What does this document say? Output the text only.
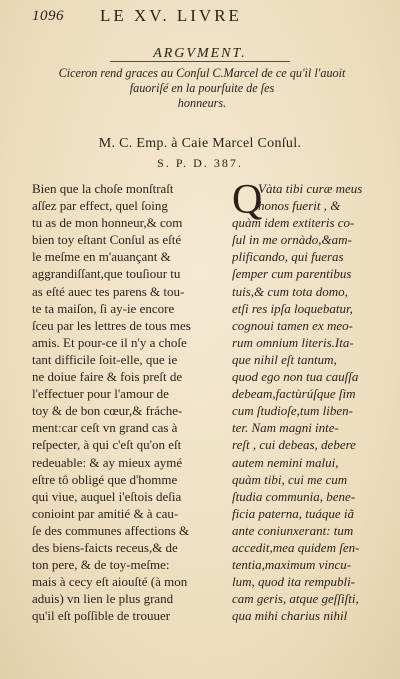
1096 LE XV. LIVRE
ARGVMENT.
Ciceron rend graces au Conſul C.Marcel de ce qu'il l'auoit
fauoriſé en la pourſuite de ſes
honneurs.
M. C. Emp. à Caie Marcel Conſul.
S. P. D. 387.
Bien que la choſe monſtraſt
aſſez par effect, quel ſoing
tu as de mon honneur,& com
bien toy eſtant Conſul as eſté
le meſme en m'auançant &
aggrandiſſant,que touſiour tu
as eſté auec tes parens & tou-
te ta maiſon, ſi ay-ie encore
ſceu par les lettres de tous mes
amis. Et pour-ce il n'y a choſe
tant difficile ſoit-elle, que ie
ne doiue faire & fois preſt de
l'effectuer pour l'amour de
toy & de bon cœur,& fráche-
ment:car ceſt vn grand cas à
reſpecter, à qui c'eſt qu'on eſt
redeuable: & ay mieux aymé
eſtre tô obligé que d'homme
qui viue, auquel i'eſtois deſia
conioint par amitié & à cau-
ſe des communes affections &
des biens-faicts receus,& de
ton pere, & de toy-meſme:
mais à cecy eſt aiouſté (à mon
aduis) vn lien le plus grand
qu'il eſt poſſible de trouuer
Q
Vàta tibi curæ meus
honos fuerit , &
quàm idem extiteris co-
ſul in me ornàdo,&am-
plificando, qui fueras
ſemper cum parentibus
tuis,& cum tota domo,
etſi res ipſa loquebatur,
cognoui tamen ex meo-
rum omnium literis.Ita-
que nihil eſt tantum,
quod ego non tua cauſſa
debeam,factùrúſque ſim
cum ſtudioſe,tum liben-
ter. Nam magni inte-
reſt , cui debeas, debere
autem nemini malui,
quàm tibi, cui me cum
ſtudia communia, bene-
ficia paterna, tuáque iã
ante coniunxerant: tum
accedit,mea quidem ſen-
tentia,maximum vincu-
lum, quod ita rempubli-
cam geris, atque geſſiſti,
qua mihi charius nihil
